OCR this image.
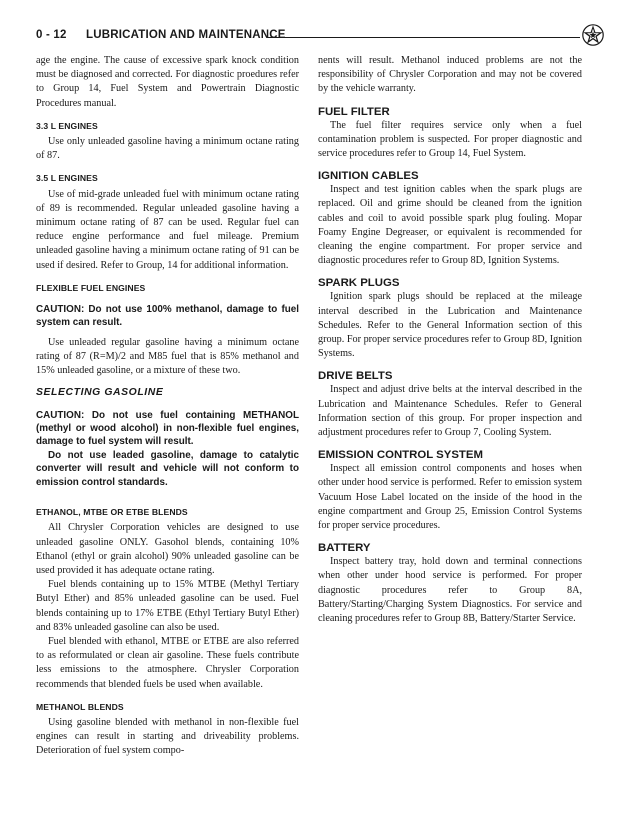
0 - 12 LUBRICATION AND MAINTENANCE

age the engine. The cause of excessive spark knock condition must be diagnosed and corrected. For diagnostic proedures refer to Group 14, Fuel System and Powertrain Diagnostic Procedures manual.

3.3 L ENGINES

Use only unleaded gasoline having a minimum octane rating of 87.

3.5 L ENGINES

Use of mid-grade unleaded fuel with minimum octane rating of 89 is recommended. Regular unleaded gasoline having a minimum octane rating of 87 can be used. Regular fuel can reduce engine performance and fuel mileage. Premium unleaded gasoline having a minimum octane rating of 91 can be used if desired. Refer to Group, 14 for additional information.

FLEXIBLE FUEL ENGINES

CAUTION: Do not use 100% methanol, damage to fuel system can result.

Use unleaded regular gasoline having a minimum octane rating of 87 (R=M)/2 and M85 fuel that is 85% methanol and 15% unleaded gasoline, or a mixture of these two.

SELECTING GASOLINE

CAUTION: Do not use fuel containing METHANOL (methyl or wood alcohol) in non-flexible fuel engines, damage to fuel system will result.

Do not use leaded gasoline, damage to catalytic converter will result and vehicle will not conform to emission control standards.

ETHANOL, MTBE OR ETBE BLENDS

All Chrysler Corporation vehicles are designed to use unleaded gasoline ONLY. Gasohol blends, containing 10% Ethanol (ethyl or grain alcohol) 90% unleaded gasoline can be used provided it has adequate octane rating.

Fuel blends containing up to 15% MTBE (Methyl Tertiary Butyl Ether) and 85% unleaded gasoline can be used. Fuel blends containing up to 17% ETBE (Ethyl Tertiary Butyl Ether) and 83% unleaded gasoline can also be used.

Fuel blended with ethanol, MTBE or ETBE are also referred to as reformulated or clean air gasoline. These fuels contribute less emissions to the atmosphere. Chrysler Corporation recommends that blended fuels be used when available.

METHANOL BLENDS

Using gasoline blended with methanol in non-flexible fuel engines can result in starting and driveability problems. Deterioration of fuel system compo-

nents will result. Methanol induced problems are not the responsibility of Chrysler Corporation and may not be covered by the vehicle warranty.

FUEL FILTER

The fuel filter requires service only when a fuel contamination problem is suspected. For proper diagnostic and service procedures refer to Group 14, Fuel System.

IGNITION CABLES

Inspect and test ignition cables when the spark plugs are replaced. Oil and grime should be cleaned from the ignition cables and coil to avoid possible spark plug fouling. Mopar Foamy Engine Degreaser, or equivalent is recommended for cleaning the engine compartment. For proper service and diagnostic procedures refer to Group 8D, Ignition Systems.

SPARK PLUGS

Ignition spark plugs should be replaced at the mileage interval described in the Lubrication and Maintenance Schedules. Refer to the General Information section of this group. For proper service procedures refer to Group 8D, Ignition Systems.

DRIVE BELTS

Inspect and adjust drive belts at the interval described in the Lubrication and Maintenance Schedules. Refer to General Information section of this group. For proper inspection and adjustment procedures refer to Group 7, Cooling System.

EMISSION CONTROL SYSTEM

Inspect all emission control components and hoses when other under hood service is performed. Refer to emission system Vacuum Hose Label located on the inside of the hood in the engine compartment and Group 25, Emission Control Systems for proper service procedures.

BATTERY

Inspect battery tray, hold down and terminal connections when other under hood service is performed. For proper diagnostic procedures refer to Group 8A, Battery/Starting/Charging System Diagnostics. For service and cleaning procedures refer to Group 8B, Battery/Starter Service.
